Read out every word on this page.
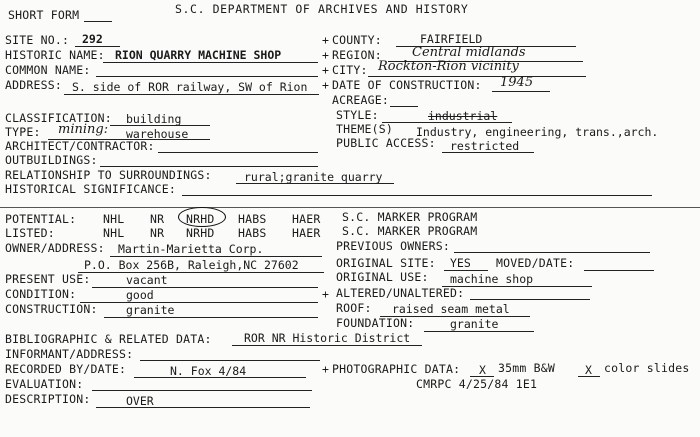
SHORT FORM	S.C. DEPARTMENT OF ARCHIVES AND HISTORY
SITE NO.: 292	+
HISTORIC NAME: RION QUARRY MACHINE SHOP
COMMON NAME:
ADDRESS: S. side of ROR railway, SW of Rion
COUNTY:	FAIRFIELD
+ REGION: Central midlands
+ CITY: Rockton-Rion vicinity
+ DATE OF CONSTRUCTION: 1945
ACREAGE:
CLASSIFICATION: building
TYPE: mining: warehouse
ARCHITECT/CONTRACTOR:
OUTBUILDINGS:
STYLE:	industrial
THEME(S) Industry, engineering, trans.,arch.
PUBLIC ACCESS: restricted
RELATIONSHIP TO SURROUNDINGS:	rural;granite quarry
HISTORICAL SIGNIFICANCE:
POTENTIAL: NHL NR NRHD HABS HAER S.C. MARKER PROGRAM
LISTED:	NHL NR NRHD HABS HAER S.C. MARKER PROGRAM
OWNER/ADDRESS: Martin-Marietta Corp.
P.O. Box 256B, Raleigh,NC 27602
PREVIOUS OWNERS:
ORIGINAL SITE: YES MOVED/DATE:
PRESENT USE:	vacant	ORIGINAL USE: machine shop
CONDITION:	good	+ ALTERED/UNALTERED:
CONSTRUCTION: granite	ROOF: raised seam metal
FOUNDATION:	granite
BIBLIOGRAPHIC & RELATED DATA:	ROR NR Historic District
INFORMANT/ADDRESS:
RECORDED BY/DATE:	N. Fox 4/84	+ PHOTOGRAPHIC DATA: X 35mm B&W	X color slides
CMRPC 4/25/84 1E1
EVALUATION:
DESCRIPTION:	OVER
